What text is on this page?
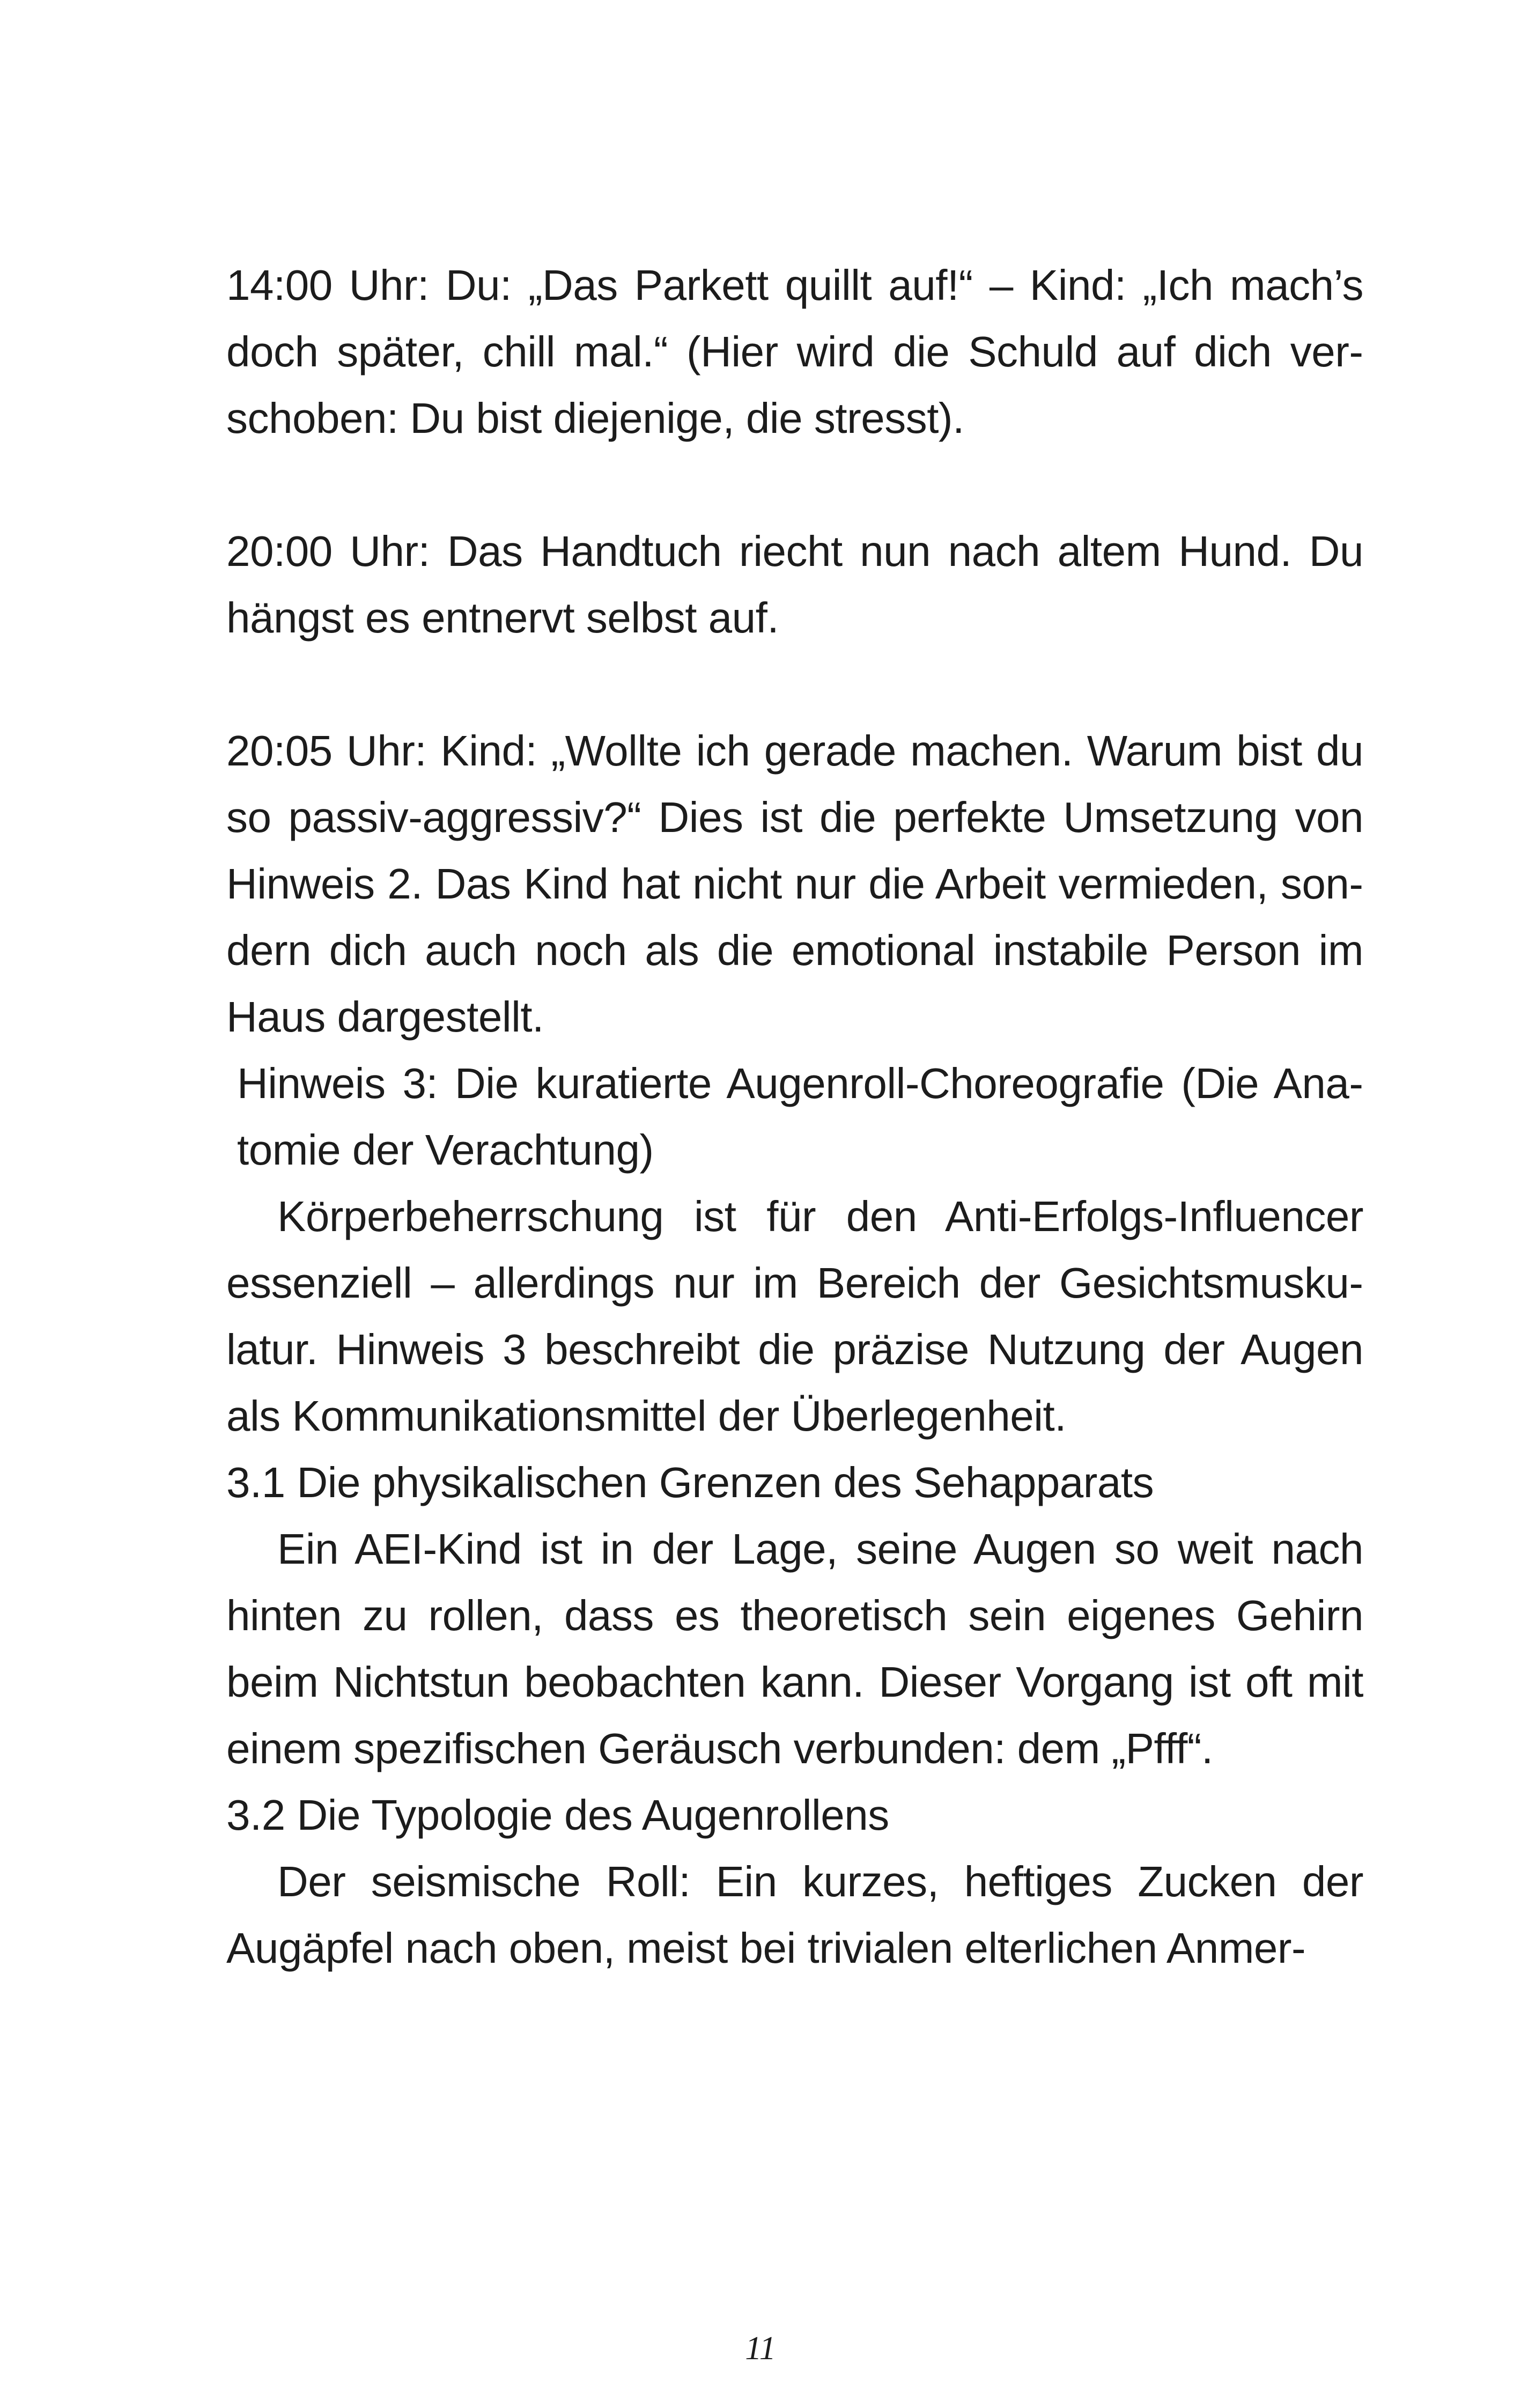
14:00 Uhr: Du: „Das Parkett quillt auf!“ – Kind: „Ich mach’s doch später, chill mal.“ (Hier wird die Schuld auf dich verschoben: Du bist diejenige, die stresst).

20:00 Uhr: Das Handtuch riecht nun nach altem Hund. Du hängst es entnervt selbst auf.

20:05 Uhr: Kind: „Wollte ich gerade machen. Warum bist du so passiv-aggressiv?“ Dies ist die perfekte Umsetzung von Hinweis 2. Das Kind hat nicht nur die Arbeit vermieden, sondern dich auch noch als die emotional instabile Person im Haus dargestellt.

Hinweis 3: Die kuratierte Augenroll-Choreografie (Die Anatomie der Verachtung)

Körperbeherrschung ist für den Anti-Erfolgs-Influencer essenziell – allerdings nur im Bereich der Gesichtsmuskulatur. Hinweis 3 beschreibt die präzise Nutzung der Augen als Kommunikationsmittel der Überlegenheit.

3.1 Die physikalischen Grenzen des Sehapparats

Ein AEI-Kind ist in der Lage, seine Augen so weit nach hinten zu rollen, dass es theoretisch sein eigenes Gehirn beim Nichtstun beobachten kann. Dieser Vorgang ist oft mit einem spezifischen Geräusch verbunden: dem „Pfff“.

3.2 Die Typologie des Augenrollens

Der seismische Roll: Ein kurzes, heftiges Zucken der Augäpfel nach oben, meist bei trivialen elterlichen Anmer-

11
